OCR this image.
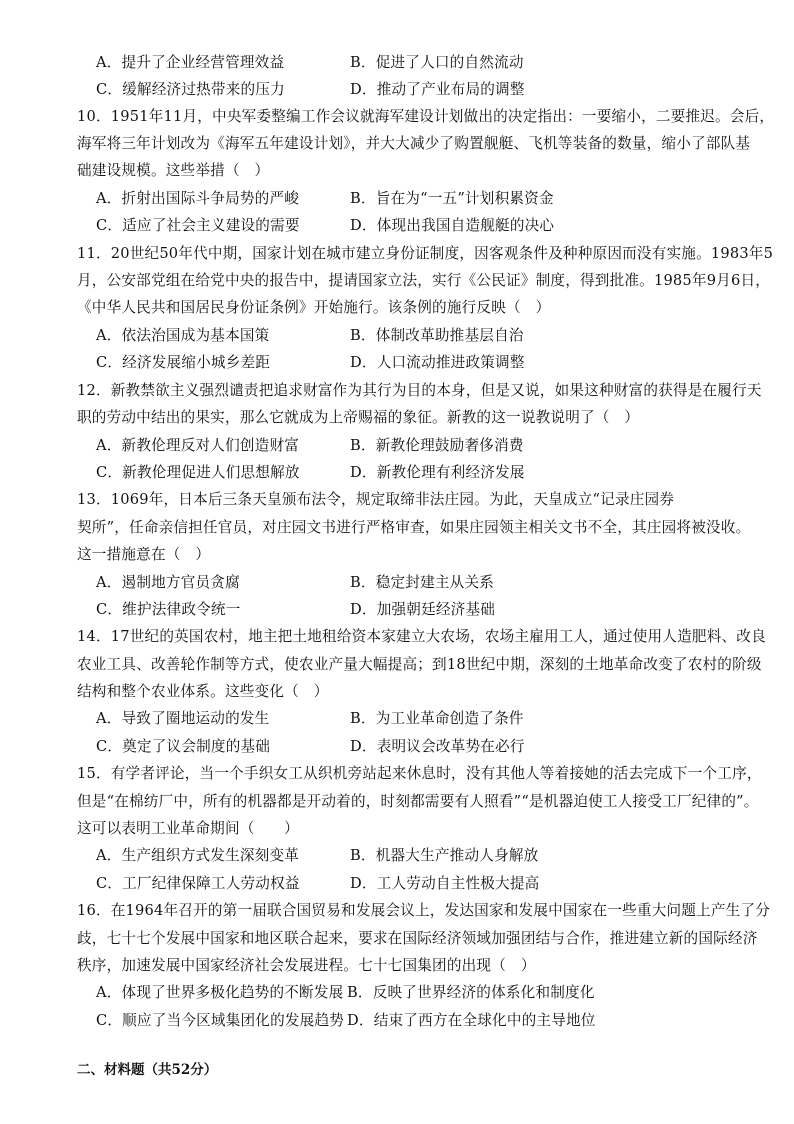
A．提升了企业经营管理效益	B．促进了人口的自然流动
C．缓解经济过热带来的压力	D．推动了产业布局的调整
10．1951年11月，中央军委整编工作会议就海军建设计划做出的决定指出：一要缩小，二要推迟。会后，
海军将三年计划改为《海军五年建设计划》，并大大减少了购置舰艇、飞机等装备的数量，缩小了部队基
础建设规模。这些举措（　）
A．折射出国际斗争局势的严峻	B．旨在为“一五”计划积累资金
C．适应了社会主义建设的需要	D．体现出我国自造舰艇的决心
11．20世纪50年代中期，国家计划在城市建立身份证制度，因客观条件及种种原因而没有实施。1983年5
月，公安部党组在给党中央的报告中，提请国家立法，实行《公民证》制度，得到批准。1985年9月6日，
《中华人民共和国居民身份证条例》开始施行。该条例的施行反映（　）
A．依法治国成为基本国策	B．体制改革助推基层自治
C．经济发展缩小城乡差距	D．人口流动推进政策调整
12．新教禁欲主义强烈谴责把追求财富作为其行为目的本身，但是又说，如果这种财富的获得是在履行天
职的劳动中结出的果实，那么它就成为上帝赐福的象征。新教的这一说教说明了（　）
A．新教伦理反对人们创造财富	B．新教伦理鼓励奢侈消费
C．新教伦理促进人们思想解放	D．新教伦理有利经济发展
13．1069年，日本后三条天皇颁布法令，规定取缔非法庄园。为此，天皇成立“记录庄园券
契所”，任命亲信担任官员，对庄园文书进行严格审查，如果庄园领主相关文书不全，其庄园将被没收。
这一措施意在（　）
A．遏制地方官员贪腐	B．稳定封建主从关系
C．维护法律政令统一	D．加强朝廷经济基础
14．17世纪的英国农村，地主把土地租给资本家建立大农场，农场主雇用工人，通过使用人造肥料、改良
农业工具、改善轮作制等方式，使农业产量大幅提高；到18世纪中期，深刻的土地革命改变了农村的阶级
结构和整个农业体系。这些变化（　）
A．导致了圈地运动的发生	B．为工业革命创造了条件
C．奠定了议会制度的基础	D．表明议会改革势在必行
15．有学者评论，当一个手织女工从织机旁站起来休息时，没有其他人等着接她的活去完成下一个工序，
但是“在棉纺厂中，所有的机器都是开动着的，时刻都需要有人照看”“是机器迫使工人接受工厂纪律的”。
这可以表明工业革命期间（　　）
A．生产组织方式发生深刻变革	B．机器大生产推动人身解放
C．工厂纪律保障工人劳动权益	D．工人劳动自主性极大提高
16．在1964年召开的第一届联合国贸易和发展会议上，发达国家和发展中国家在一些重大问题上产生了分
歧，七十七个发展中国家和地区联合起来，要求在国际经济领域加强团结与合作，推进建立新的国际经济
秩序，加速发展中国家经济社会发展进程。七十七国集团的出现（　）
A．体现了世界多极化趋势的不断发展 B．反映了世界经济的体系化和制度化
C．顺应了当今区域集团化的发展趋势 D．结束了西方在全球化中的主导地位
二、材料题（共52分）
